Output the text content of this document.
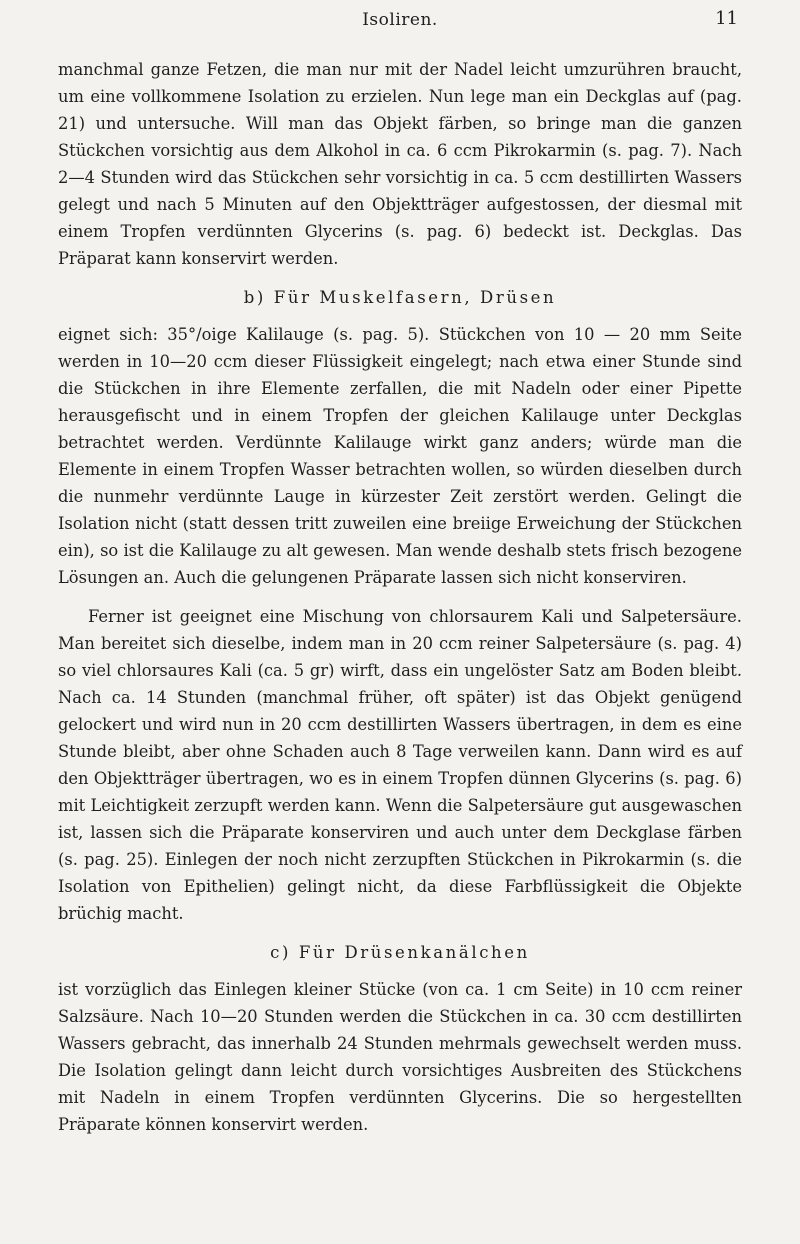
Isoliren.	11

manchmal ganze Fetzen, die man nur mit der Nadel leicht umzurühren braucht, um eine vollkommene Isolation zu erzielen. Nun lege man ein Deckglas auf (pag. 21) und untersuche. Will man das Objekt färben, so bringe man die ganzen Stückchen vorsichtig aus dem Alkohol in ca. 6 ccm Pikrokarmin (s. pag. 7). Nach 2—4 Stunden wird das Stückchen sehr vorsichtig in ca. 5 ccm destillirten Wassers gelegt und nach 5 Minuten auf den Objektträger aufgestossen, der diesmal mit einem Tropfen verdünnten Glycerins (s. pag. 6) bedeckt ist. Deckglas. Das Präparat kann konservirt werden.

b) Für Muskelfasern, Drüsen

eignet sich: 35°/oige Kalilauge (s. pag. 5). Stückchen von 10 — 20 mm Seite werden in 10—20 ccm dieser Flüssigkeit eingelegt; nach etwa einer Stunde sind die Stückchen in ihre Elemente zerfallen, die mit Nadeln oder einer Pipette herausgefischt und in einem Tropfen der gleichen Kalilauge unter Deckglas betrachtet werden. Verdünnte Kalilauge wirkt ganz anders; würde man die Elemente in einem Tropfen Wasser betrachten wollen, so würden dieselben durch die nunmehr verdünnte Lauge in kürzester Zeit zerstört werden. Gelingt die Isolation nicht (statt dessen tritt zuweilen eine breiige Erweichung der Stückchen ein), so ist die Kalilauge zu alt gewesen. Man wende deshalb stets frisch bezogene Lösungen an. Auch die gelungenen Präparate lassen sich nicht konserviren.

Ferner ist geeignet eine Mischung von chlorsaurem Kali und Salpetersäure. Man bereitet sich dieselbe, indem man in 20 ccm reiner Salpetersäure (s. pag. 4) so viel chlorsaures Kali (ca. 5 gr) wirft, dass ein ungelöster Satz am Boden bleibt. Nach ca. 14 Stunden (manchmal früher, oft später) ist das Objekt genügend gelockert und wird nun in 20 ccm destillirten Wassers übertragen, in dem es eine Stunde bleibt, aber ohne Schaden auch 8 Tage verweilen kann. Dann wird es auf den Objektträger übertragen, wo es in einem Tropfen dünnen Glycerins (s. pag. 6) mit Leichtigkeit zerzupft werden kann. Wenn die Salpetersäure gut ausgewaschen ist, lassen sich die Präparate konserviren und auch unter dem Deckglase färben (s. pag. 25). Einlegen der noch nicht zerzupften Stückchen in Pikrokarmin (s. die Isolation von Epithelien) gelingt nicht, da diese Farbflüssigkeit die Objekte brüchig macht.

c) Für Drüsenkanälchen

ist vorzüglich das Einlegen kleiner Stücke (von ca. 1 cm Seite) in 10 ccm reiner Salzsäure. Nach 10—20 Stunden werden die Stückchen in ca. 30 ccm destillirten Wassers gebracht, das innerhalb 24 Stunden mehrmals gewechselt werden muss. Die Isolation gelingt dann leicht durch vorsichtiges Ausbreiten des Stückchens mit Nadeln in einem Tropfen verdünnten Glycerins. Die so hergestellten Präparate können konservirt werden.
